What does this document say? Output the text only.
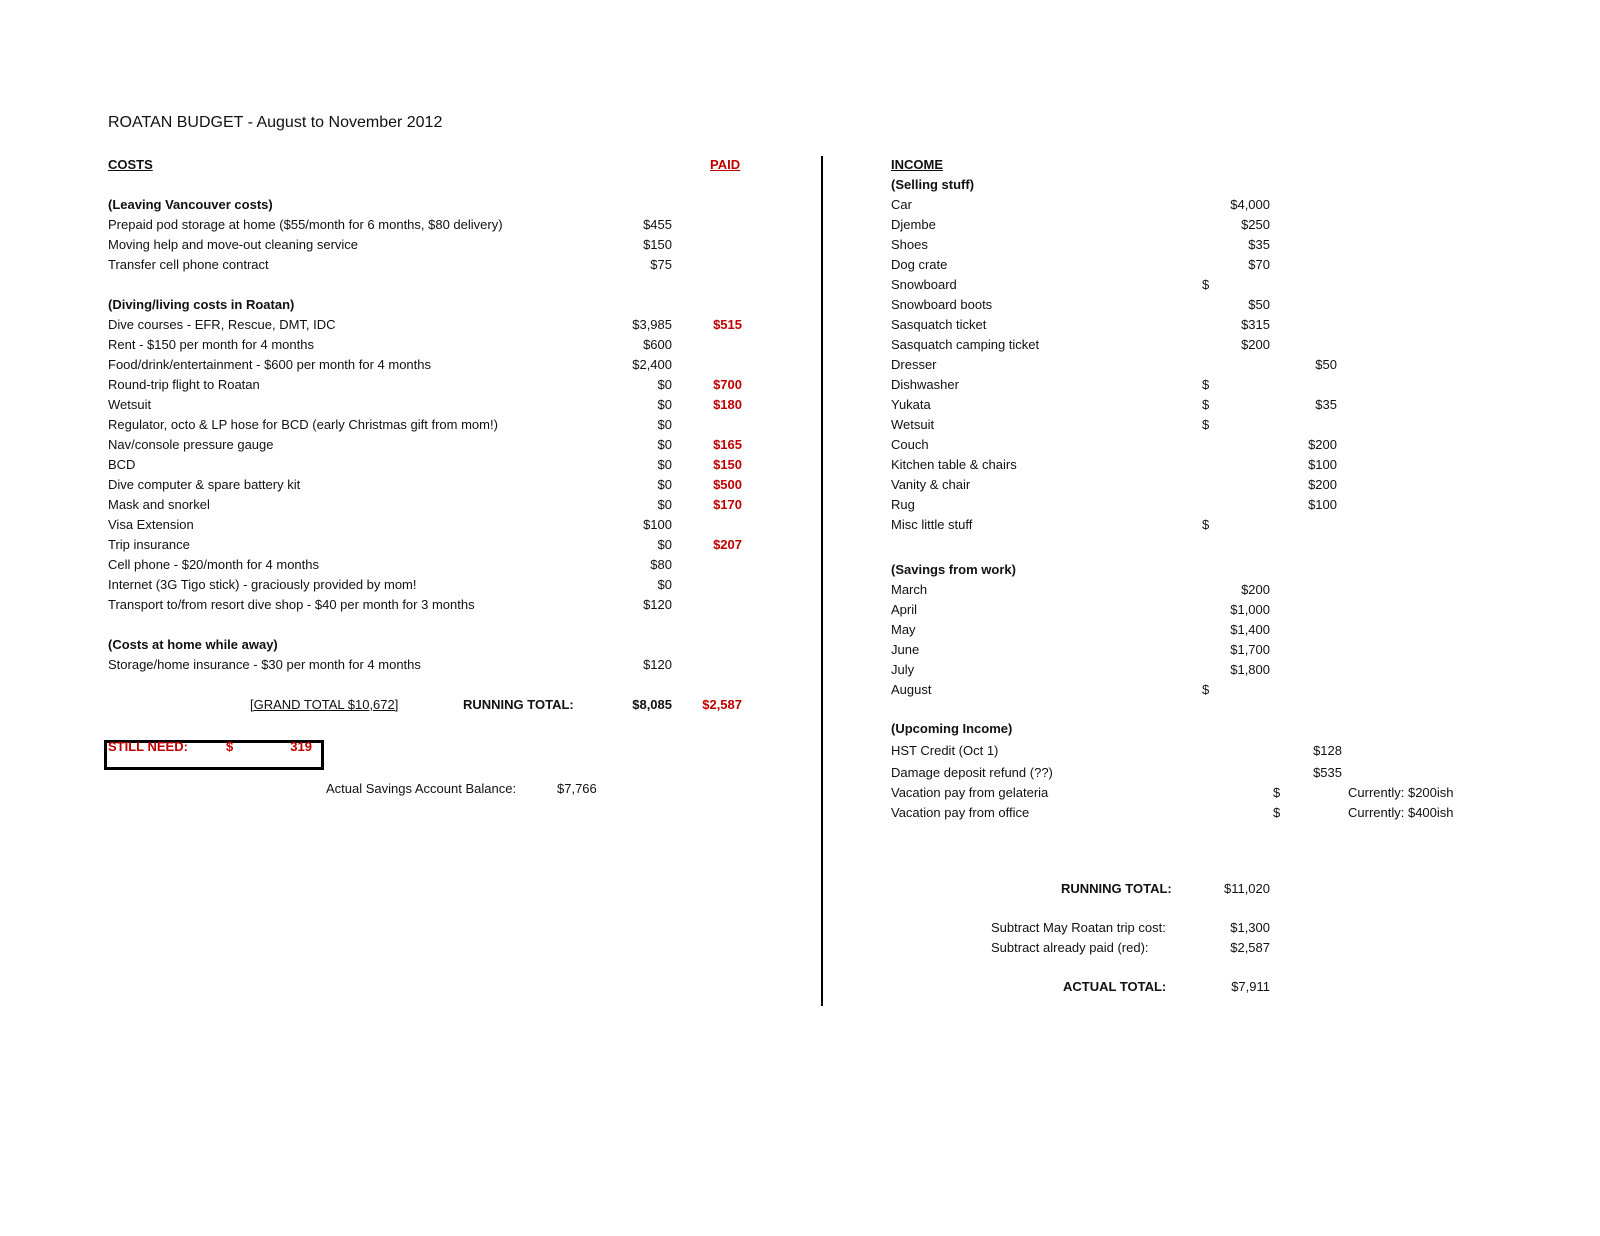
ROATAN BUDGET - August to November 2012
COSTS	PAID
(Leaving Vancouver costs)
Prepaid pod storage at home ($55/month for 6 months, $80 delivery)	$455
Moving help and move-out cleaning service	$150
Transfer cell phone contract	$75
(Diving/living costs in Roatan)
Dive courses - EFR, Rescue, DMT, IDC	$3,985	$515
Rent - $150 per month for 4 months	$600
Food/drink/entertainment - $600 per month for 4 months	$2,400
Round-trip flight to Roatan	$0	$700
Wetsuit	$0	$180
Regulator, octo & LP hose for BCD (early Christmas gift from mom!)	$0
Nav/console pressure gauge	$0	$165
BCD	$0	$150
Dive computer & spare battery kit	$0	$500
Mask and snorkel	$0	$170
Visa Extension	$100
Trip insurance	$0	$207
Cell phone - $20/month for 4 months	$80
Internet (3G Tigo stick) - graciously provided by mom!	$0
Transport to/from resort dive shop - $40 per month for 3 months	$120
(Costs at home while away)
Storage/home insurance - $30 per month for 4 months	$120
[GRAND TOTAL $10,672]	RUNNING TOTAL:	$8,085	$2,587
STILL NEED:	$	319
Actual Savings Account Balance:	$7,766
INCOME
(Selling stuff)
Car	$4,000
Djembe	$250
Shoes	$35
Dog crate	$70
Snowboard	$
Snowboard boots	$50
Sasquatch ticket	$315
Sasquatch camping ticket	$200
Dresser	$50
Dishwasher	$
Yukata	$	$35
Wetsuit	$
Couch	$200
Kitchen table & chairs	$100
Vanity & chair	$200
Rug	$100
Misc little stuff	$
(Savings from work)
March	$200
April	$1,000
May	$1,400
June	$1,700
July	$1,800
August	$
(Upcoming Income)
HST Credit (Oct 1)	$128
Damage deposit refund (??)	$535
Vacation pay from gelateria	$	Currently: $200ish
Vacation pay from office	$	Currently: $400ish
RUNNING TOTAL:	$11,020
Subtract May Roatan trip cost:	$1,300
Subtract already paid (red):	$2,587
ACTUAL TOTAL:	$7,911
